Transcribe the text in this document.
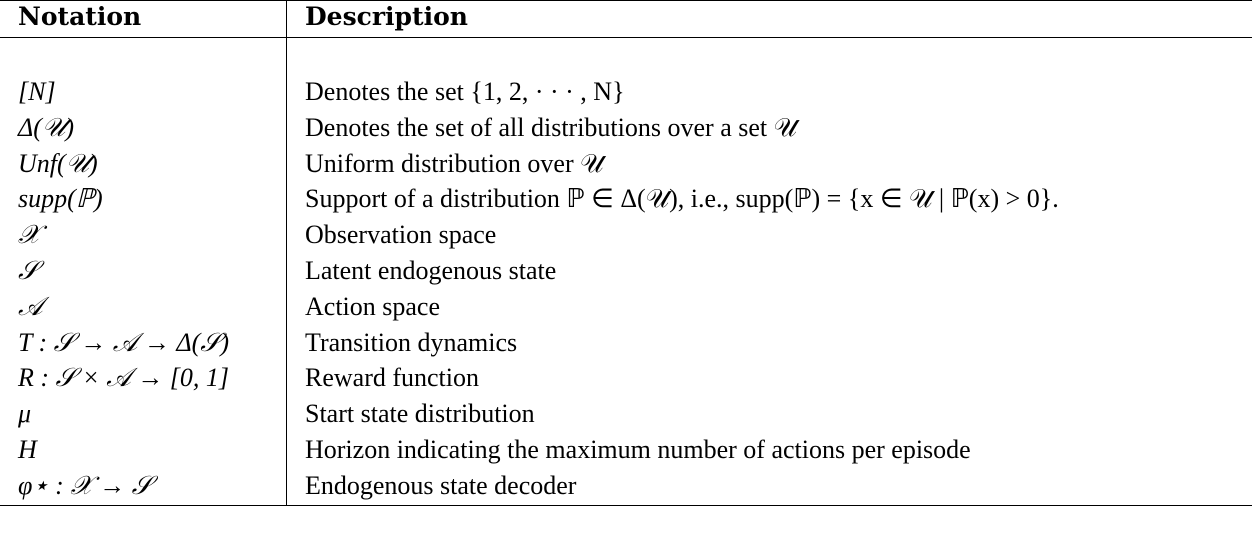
Notation	Description
[N]	Denotes the set {1, 2, · · · , N}
Δ(𝒰)	Denotes the set of all distributions over a set 𝒰
Unf(𝒰)	Uniform distribution over 𝒰
supp(ℙ)	Support of a distribution ℙ ∈ Δ(𝒰), i.e., supp(ℙ) = {x ∈ 𝒰 | ℙ(x) > 0}.
𝒳	Observation space
𝒮	Latent endogenous state
𝒜	Action space
T : 𝒮 → 𝒜 → Δ(𝒮)	Transition dynamics
R : 𝒮 × 𝒜 → [0, 1]	Reward function
μ	Start state distribution
H	Horizon indicating the maximum number of actions per episode
φ⋆ : 𝒳 → 𝒮	Endogenous state decoder
